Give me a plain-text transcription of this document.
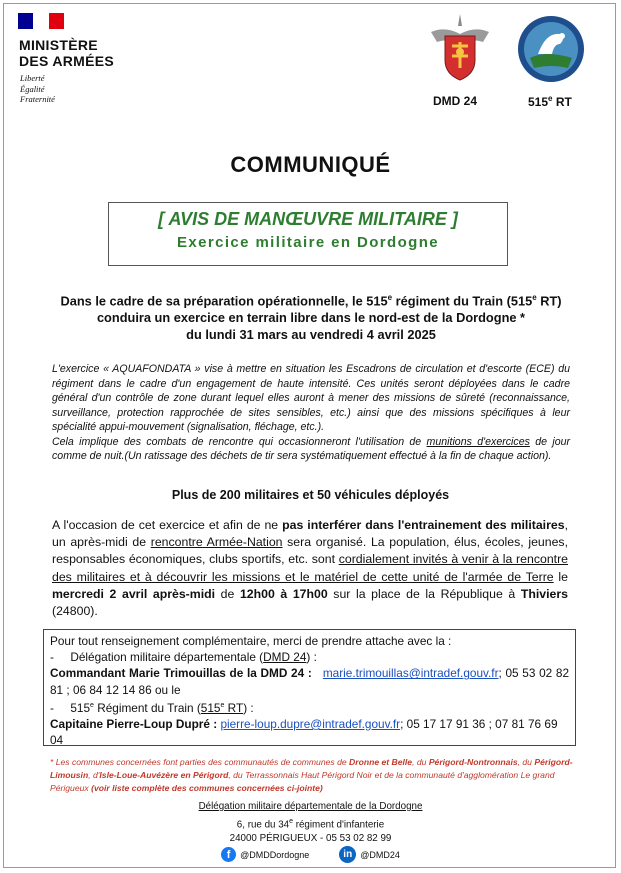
MINISTÈRE
DES ARMÉES
Liberté
Égalité
Fraternité	DMD 24	515e RT
COMMUNIQUÉ
[ AVIS DE MANŒUVRE MILITAIRE ]
Exercice militaire en Dordogne
Dans le cadre de sa préparation opérationnelle, le 515e régiment du Train (515e RT) conduira un exercice en terrain libre dans le nord-est de la Dordogne *
du lundi 31 mars au vendredi 4 avril 2025
L'exercice « AQUAFONDATA » vise à mettre en situation les Escadrons de circulation et d'escorte (ECE) du régiment dans le cadre d'un engagement de haute intensité. Ces unités seront déployées dans le cadre général d'un contrôle de zone durant lequel elles auront à mener des missions de sûreté (reconnaissance, surveillance, protection rapprochée de sites sensibles, etc.) ainsi que des missions spécifiques à leur spécialité appui-mouvement (signalisation, fléchage, etc.).
Cela implique des combats de rencontre qui occasionneront l'utilisation de munitions d'exercices de jour comme de nuit.(Un ratissage des déchets de tir sera systématiquement effectué à la fin de chaque action).
Plus de 200 militaires et 50 véhicules déployés
A l'occasion de cet exercice et afin de ne pas interférer dans l'entrainement des militaires, un après-midi de rencontre Armée-Nation sera organisé. La population, élus, écoles, jeunes, responsables économiques, clubs sportifs, etc. sont cordialement invités à venir à la rencontre des militaires et à découvrir les missions et le matériel de cette unité de l'armée de Terre le mercredi 2 avril après-midi de 12h00 à 17h00 sur la place de la République à Thiviers (24800).
Pour tout renseignement complémentaire, merci de prendre attache avec la :
-     Délégation militaire départementale (DMD 24) :
Commandant Marie Trimouillas de la DMD 24 : marie.trimouillas@intradef.gouv.fr; 05 53 02 82 81 ; 06 84 12 14 86 ou le
-     515e Régiment du Train (515e RT) :
Capitaine Pierre-Loup Dupré : pierre-loup.dupre@intradef.gouv.fr; 05 17 17 91 36 ; 07 81 76 69 04
* Les communes concernées font parties des communautés de communes de Dronne et Belle, du Périgord-Nontronnais, du Périgord-Limousin, d'Isle-Loue-Auvézère en Périgord, du Terrassonnais Haut Périgord Noir et de la communauté d'agglomération Le grand Périgueux (voir liste complète des communes concernées ci-jointe)
Délégation militaire départementale de la Dordogne
6, rue du 34e régiment d'infanterie
24000 PÉRIGUEUX - 05 53 02 82 99
f	@DMDDordogne	in @DMD24
